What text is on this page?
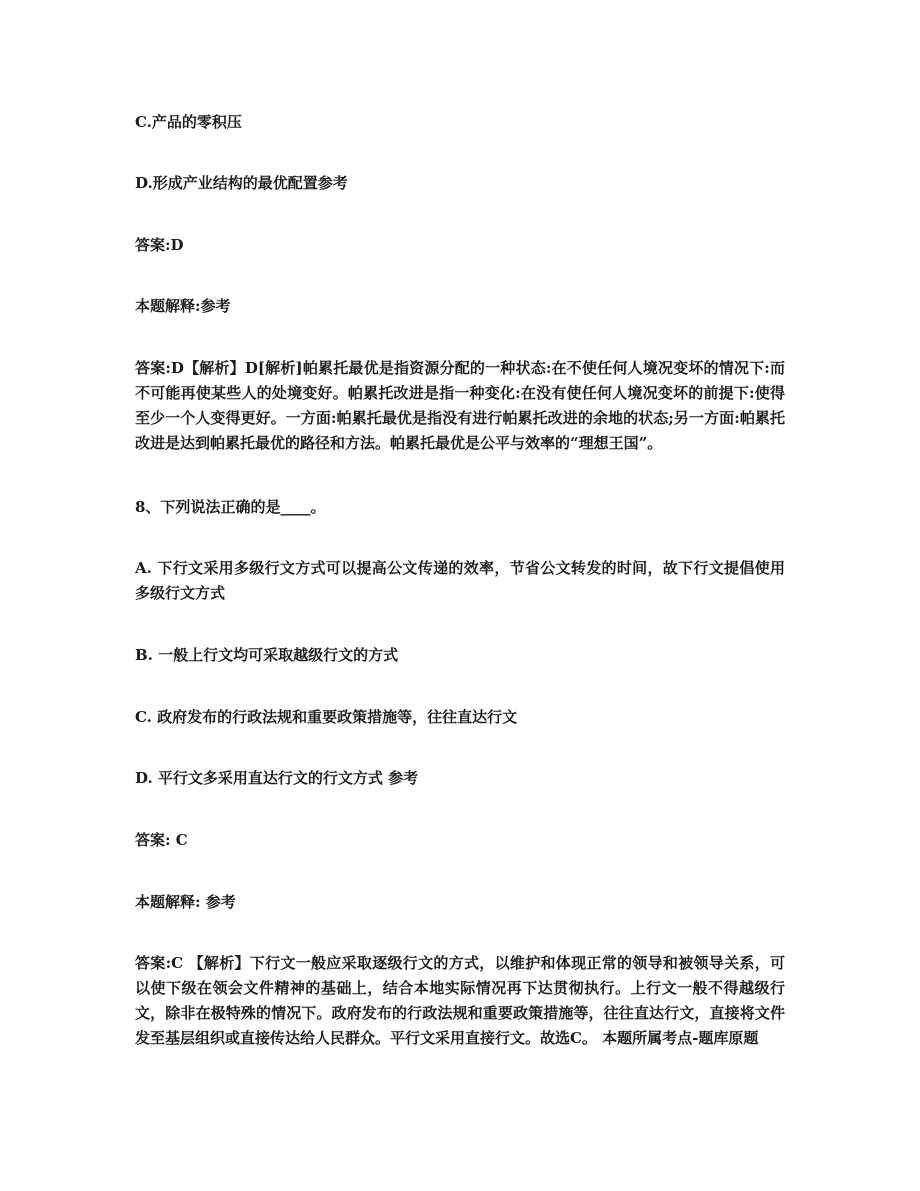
C.产品的零积压
D.形成产业结构的最优配置参考
答案:D
本题解释:参考
答案:D【解析】D[解析]帕累托最优是指资源分配的一种状态:在不使任何人境况变坏的情况下:而不可能再使某些人的处境变好。帕累托改进是指一种变化:在没有使任何人境况变坏的前提下:使得至少一个人变得更好。一方面:帕累托最优是指没有进行帕累托改进的余地的状态;另一方面:帕累托改进是达到帕累托最优的路径和方法。帕累托最优是公平与效率的“理想王国”。
8、下列说法正确的是____。
A. 下行文采用多级行文方式可以提高公文传递的效率，节省公文转发的时间，故下行文提倡使用多级行文方式
B. 一般上行文均可采取越级行文的方式
C. 政府发布的行政法规和重要政策措施等，往往直达行文
D. 平行文多采用直达行文的行文方式 参考
答案: C
本题解释: 参考
答案:C 【解析】下行文一般应采取逐级行文的方式，以维护和体现正常的领导和被领导关系，可以使下级在领会文件精神的基础上，结合本地实际情况再下达贯彻执行。上行文一般不得越级行文，除非在极特殊的情况下。政府发布的行政法规和重要政策措施等，往往直达行文，直接将文件发至基层组织或直接传达给人民群众。平行文采用直接行文。故选C。 本题所属考点-题库原题
